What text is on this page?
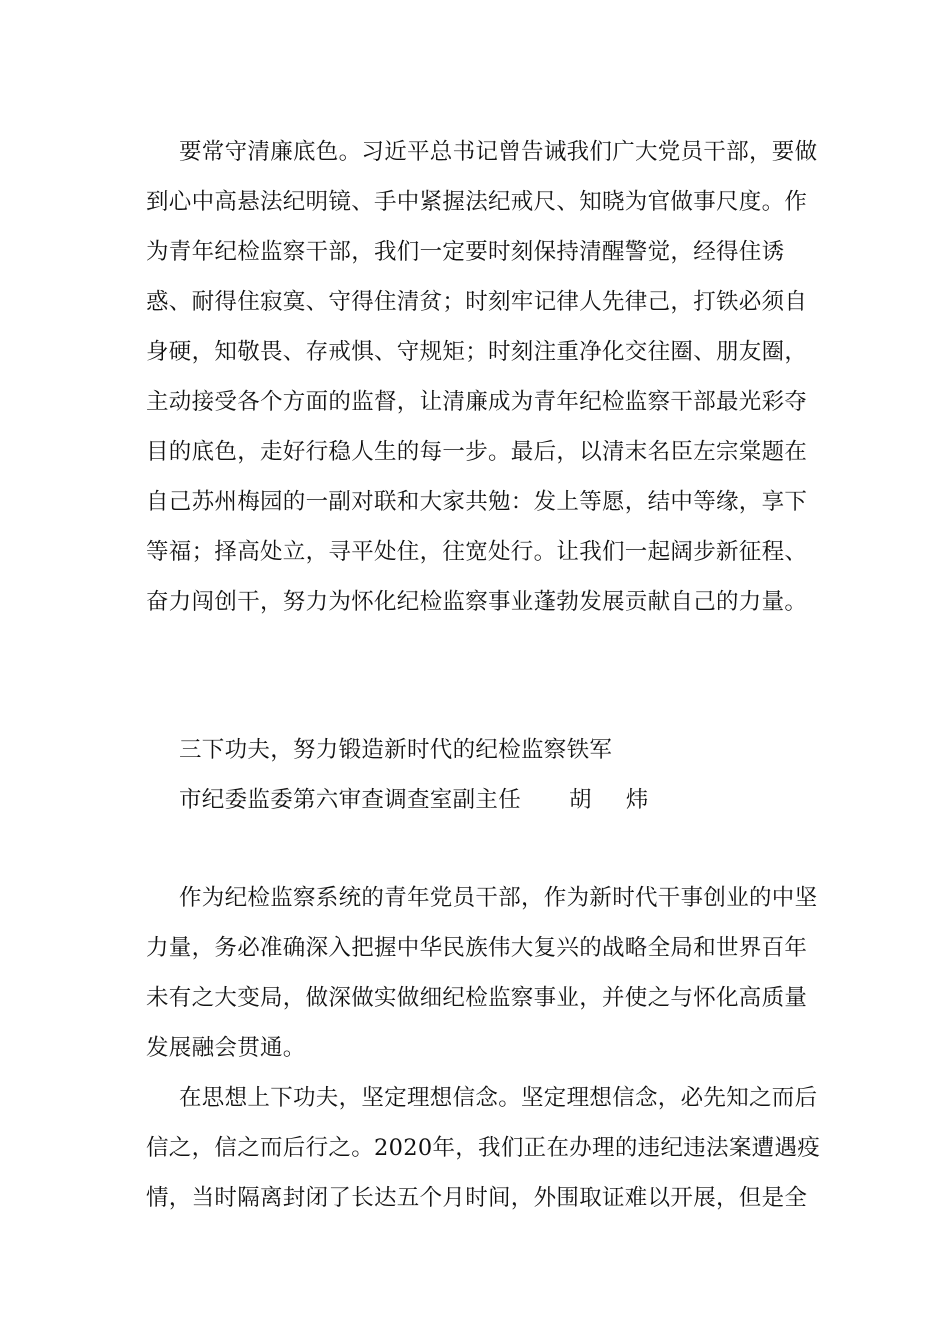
要常守清廉底色。习近平总书记曾告诫我们广大党员干部，要做
到心中高悬法纪明镜、手中紧握法纪戒尺、知晓为官做事尺度。作
为青年纪检监察干部，我们一定要时刻保持清醒警觉，经得住诱
惑、耐得住寂寞、守得住清贫；时刻牢记律人先律己，打铁必须自
身硬，知敬畏、存戒惧、守规矩；时刻注重净化交往圈、朋友圈，
主动接受各个方面的监督，让清廉成为青年纪检监察干部最光彩夺
目的底色，走好行稳人生的每一步。最后，以清末名臣左宗棠题在
自己苏州梅园的一副对联和大家共勉：发上等愿，结中等缘，享下
等福；择高处立，寻平处住，往宽处行。让我们一起阔步新征程、
奋力闯创干，努力为怀化纪检监察事业蓬勃发展贡献自己的力量。
三下功夫，努力锻造新时代的纪检监察铁军
市纪委监委第六审查调查室副主任 胡 炜
作为纪检监察系统的青年党员干部，作为新时代干事创业的中坚
力量，务必准确深入把握中华民族伟大复兴的战略全局和世界百年
未有之大变局，做深做实做细纪检监察事业，并使之与怀化高质量
发展融会贯通。
在思想上下功夫，坚定理想信念。坚定理想信念，必先知之而后
信之，信之而后行之。2020年，我们正在办理的违纪违法案遭遇疫
情，当时隔离封闭了长达五个月时间，外围取证难以开展，但是全
